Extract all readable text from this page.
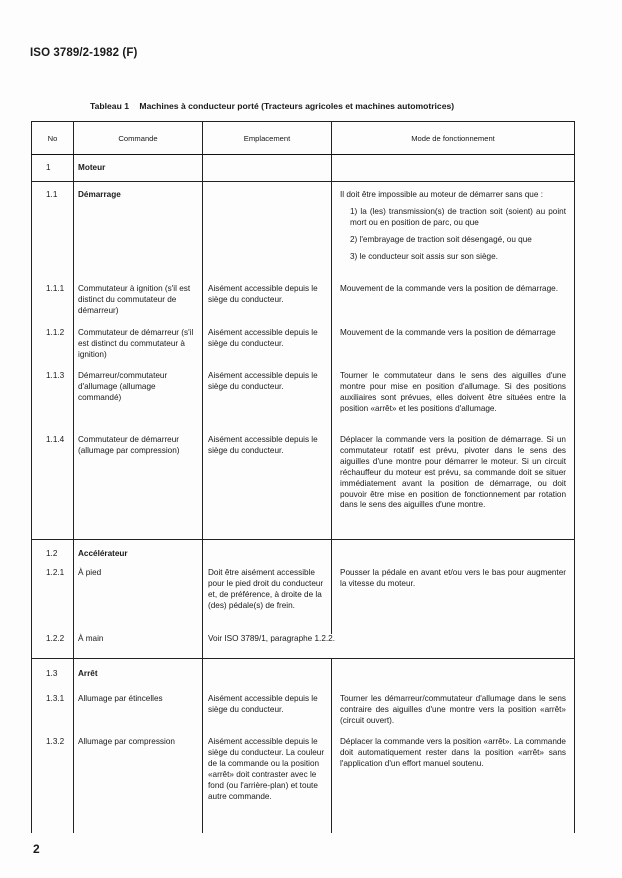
ISO 3789/2-1982 (F)
Tableau 1 Machines à conducteur porté (Tracteurs agricoles et machines automotrices)
No	Commande	Emplacement	Mode de fonctionnement
1	Moteur		
1.1	Démarrage		Il doit être impossible au moteur de démarrer sans que :

1) la (les) transmission(s) de traction soit (soient) au point mort ou en position de parc, ou que

2) l'embrayage de traction soit désengagé, ou que

3) le conducteur soit assis sur son siège.

1.1.1	Commutateur à ignition (s'il est distinct du commutateur de démarreur)	Aisément accessible depuis le siège du conducteur.	Mouvement de la commande vers la position de démarrage.
1.1.2	Commutateur de démarreur (s'il est distinct du commutateur à ignition)	Aisément accessible depuis le siège du conducteur.	Mouvement de la commande vers la position de démarrage
1.1.3	Démarreur/commutateur d'allumage (allumage commandé)	Aisément accessible depuis le siège du conducteur.	Tourner le commutateur dans le sens des aiguilles d'une montre pour mise en position d'allumage. Si des positions auxiliaires sont prévues, elles doivent être situées entre la position «arrêt» et les positions d'allumage.
1.1.4	Commutateur de démarreur (allumage par compression)	Aisément accessible depuis le siège du conducteur.	Déplacer la commande vers la position de démarrage. Si un commutateur rotatif est prévu, pivoter dans le sens des aiguilles d'une montre pour démarrer le moteur. Si un circuit réchauffeur du moteur est prévu, sa commande doit se situer immédiatement avant la position de démarrage, ou doit pouvoir être mise en position de fonctionnement par rotation dans le sens des aiguilles d'une montre.
1.2	Accélérateur		
1.2.1	À pied	Doit être aisément accessible pour le pied droit du conducteur et, de préférence, à droite de la (des) pédale(s) de frein.	Pousser la pédale en avant et/ou vers le bas pour augmenter la vitesse du moteur.
1.2.2	À main	Voir ISO 3789/1, paragraphe 1.2.2.	
1.3	Arrêt		
1.3.1	Allumage par étincelles	Aisément accessible depuis le siège du conducteur.	Tourner les démarreur/commutateur d'allumage dans le sens contraire des aiguilles d'une montre vers la position «arrêt» (circuit ouvert).
1.3.2	Allumage par compression	Aisément accessible depuis le siège du conducteur. La couleur de la commande ou la position «arrêt» doit contraster avec le fond (ou l'arrière-plan) et toute autre commande.	Déplacer la commande vers la position «arrêt». La commande doit automatiquement rester dans la position «arrêt» sans l'application d'un effort manuel soutenu.
2
